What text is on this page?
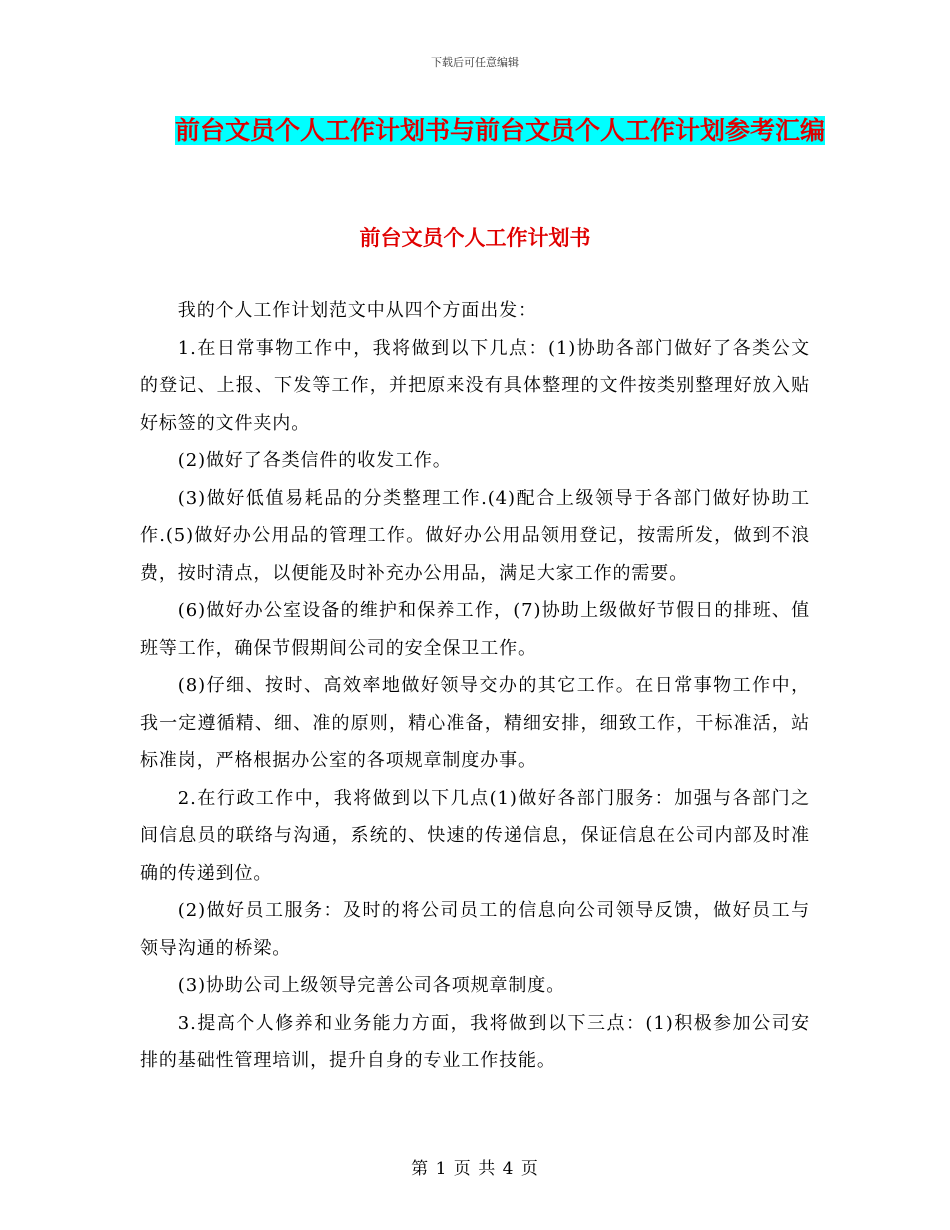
下载后可任意编辑
前台文员个人工作计划书与前台文员个人工作计划参考汇编
前台文员个人工作计划书

我的个人工作计划范文中从四个方面出发：

1.在日常事物工作中，我将做到以下几点：(1)协助各部门做好了各类公文的登记、上报、下发等工作，并把原来没有具体整理的文件按类别整理好放入贴好标签的文件夹内。

(2)做好了各类信件的收发工作。

(3)做好低值易耗品的分类整理工作.(4)配合上级领导于各部门做好协助工作.(5)做好办公用品的管理工作。做好办公用品领用登记，按需所发，做到不浪费，按时清点，以便能及时补充办公用品，满足大家工作的需要。

(6)做好办公室设备的维护和保养工作，(7)协助上级做好节假日的排班、值班等工作，确保节假期间公司的安全保卫工作。

(8)仔细、按时、高效率地做好领导交办的其它工作。在日常事物工作中，我一定遵循精、细、准的原则，精心准备，精细安排，细致工作，干标准活，站标准岗，严格根据办公室的各项规章制度办事。

2.在行政工作中，我将做到以下几点(1)做好各部门服务：加强与各部门之间信息员的联络与沟通，系统的、快速的传递信息，保证信息在公司内部及时准确的传递到位。

(2)做好员工服务：及时的将公司员工的信息向公司领导反馈，做好员工与领导沟通的桥梁。

(3)协助公司上级领导完善公司各项规章制度。

3.提高个人修养和业务能力方面，我将做到以下三点：(1)积极参加公司安排的基础性管理培训，提升自身的专业工作技能。

第 1 页 共 4 页
